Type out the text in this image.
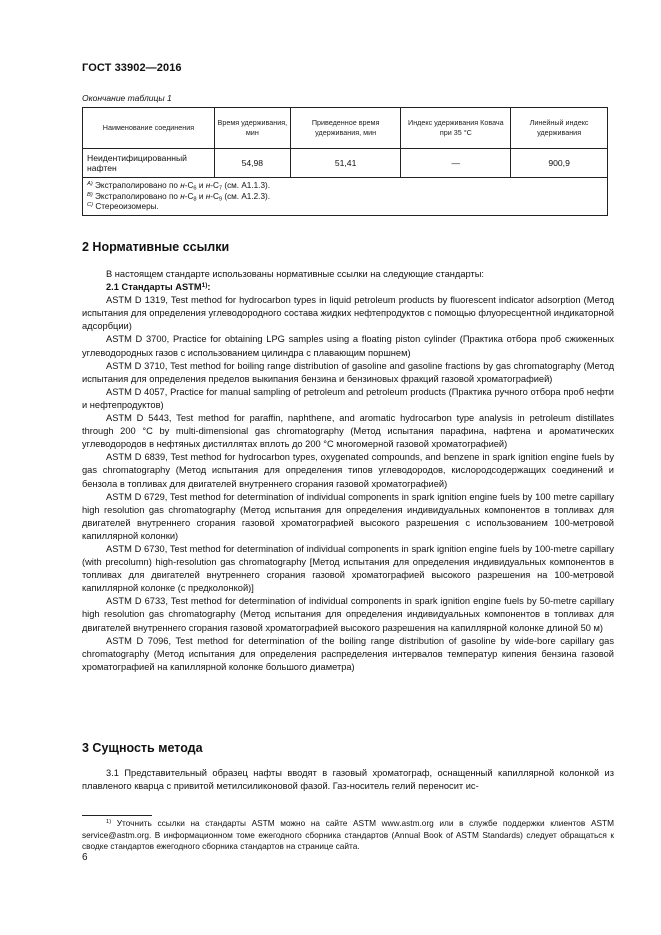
ГОСТ 33902—2016
Окончание таблицы 1
Наименование соединения	Время удерживания, мин	Приведенное время удерживания, мин	Индекс удерживания Ковача при 35 °С	Линейный индекс удерживания
Неидентифицированный нафтен	54,98	51,41	—	900,9

$^{A)}$ Экстраполировано по $н-С_6$ и $н-С_7$ (см. А1.1.3).
$^{B)}$ Экстраполировано по $н-С_8$ и $н-С_9$ (см. А1.2.3).
$^{C)}$ Стереоизомеры.				
2 Нормативные ссылки

В настоящем стандарте использованы нормативные ссылки на следующие стандарты:

2.1 Стандарты ASTM$^{1)}$:

ASTM D 1319, Test method for hydrocarbon types in liquid petroleum products by fluorescent indicator adsorption (Метод испытания для определения углеводородного состава жидких нефтепродуктов с помощью флуоресцентной индикаторной адсорбции)

ASTM D 3700, Practice for obtaining LPG samples using a floating piston cylinder (Практика отбора проб сжиженных углеводородных газов с использованием цилиндра с плавающим поршнем)

ASTM D 3710, Test method for boiling range distribution of gasoline and gasoline fractions by gas chromatography (Метод испытания для определения пределов выкипания бензина и бензиновых фракций газовой хроматографией)

ASTM D 4057, Practice for manual sampling of petroleum and petroleum products (Практика ручного отбора проб нефти и нефтепродуктов)

ASTM D 5443, Test method for paraffin, naphthene, and aromatic hydrocarbon type analysis in petroleum distillates through 200 °C by multi-dimensional gas chromatography (Метод испытания парафина, нафтена и ароматических углеводородов в нефтяных дистиллятах вплоть до 200 °C многомерной газовой хроматографией)

ASTM D 6839, Test method for hydrocarbon types, oxygenated compounds, and benzene in spark ignition engine fuels by gas chromatography (Метод испытания для определения типов углеводородов, кислородсодержащих соединений и бензола в топливах для двигателей внутреннего сгорания газовой хроматографией)

ASTM D 6729, Test method for determination of individual components in spark ignition engine fuels by 100 metre capillary high resolution gas chromatography (Метод испытания для определения индивидуальных компонентов в топливах для двигателей внутреннего сгорания газовой хроматографией высокого разрешения с использованием 100-метровой капиллярной колонки)

ASTM D 6730, Test method for determination of individual components in spark ignition engine fuels by 100-metre capillary (with precolumn) high-resolution gas chromatography [Метод испытания для определения индивидуальных компонентов в топливах для двигателей внутреннего сгорания газовой хроматографией высокого разрешения на 100-метровой капиллярной колонке (с предколонкой)]

ASTM D 6733, Test method for determination of individual components in spark ignition engine fuels by 50-metre capillary high resolution gas chromatography (Метод испытания для определения индивидуальных компонентов в топливах для двигателей внутреннего сгорания газовой хроматографией высокого разрешения на капиллярной колонке длиной 50 м)

ASTM D 7096, Test method for determination of the boiling range distribution of gasoline by wide-bore capillary gas chromatography (Метод испытания для определения распределения интервалов температур кипения бензина газовой хроматографией на капиллярной колонке большого диаметра)

3 Сущность метода

3.1 Представительный образец нафты вводят в газовый хроматограф, оснащенный капиллярной колонкой из плавленого кварца с привитой метилсиликоновой фазой. Газ-носитель гелий переносит ис-

$^{1)}$ Уточнить ссылки на стандарты ASTM можно на сайте ASTM www.astm.org или в службе поддержки клиентов ASTM service@astm.org. В информационном томе ежегодного сборника стандартов (Annual Book of ASTM Standards) следует обращаться к сводке стандартов ежегодного сборника стандартов на странице сайта.
6
